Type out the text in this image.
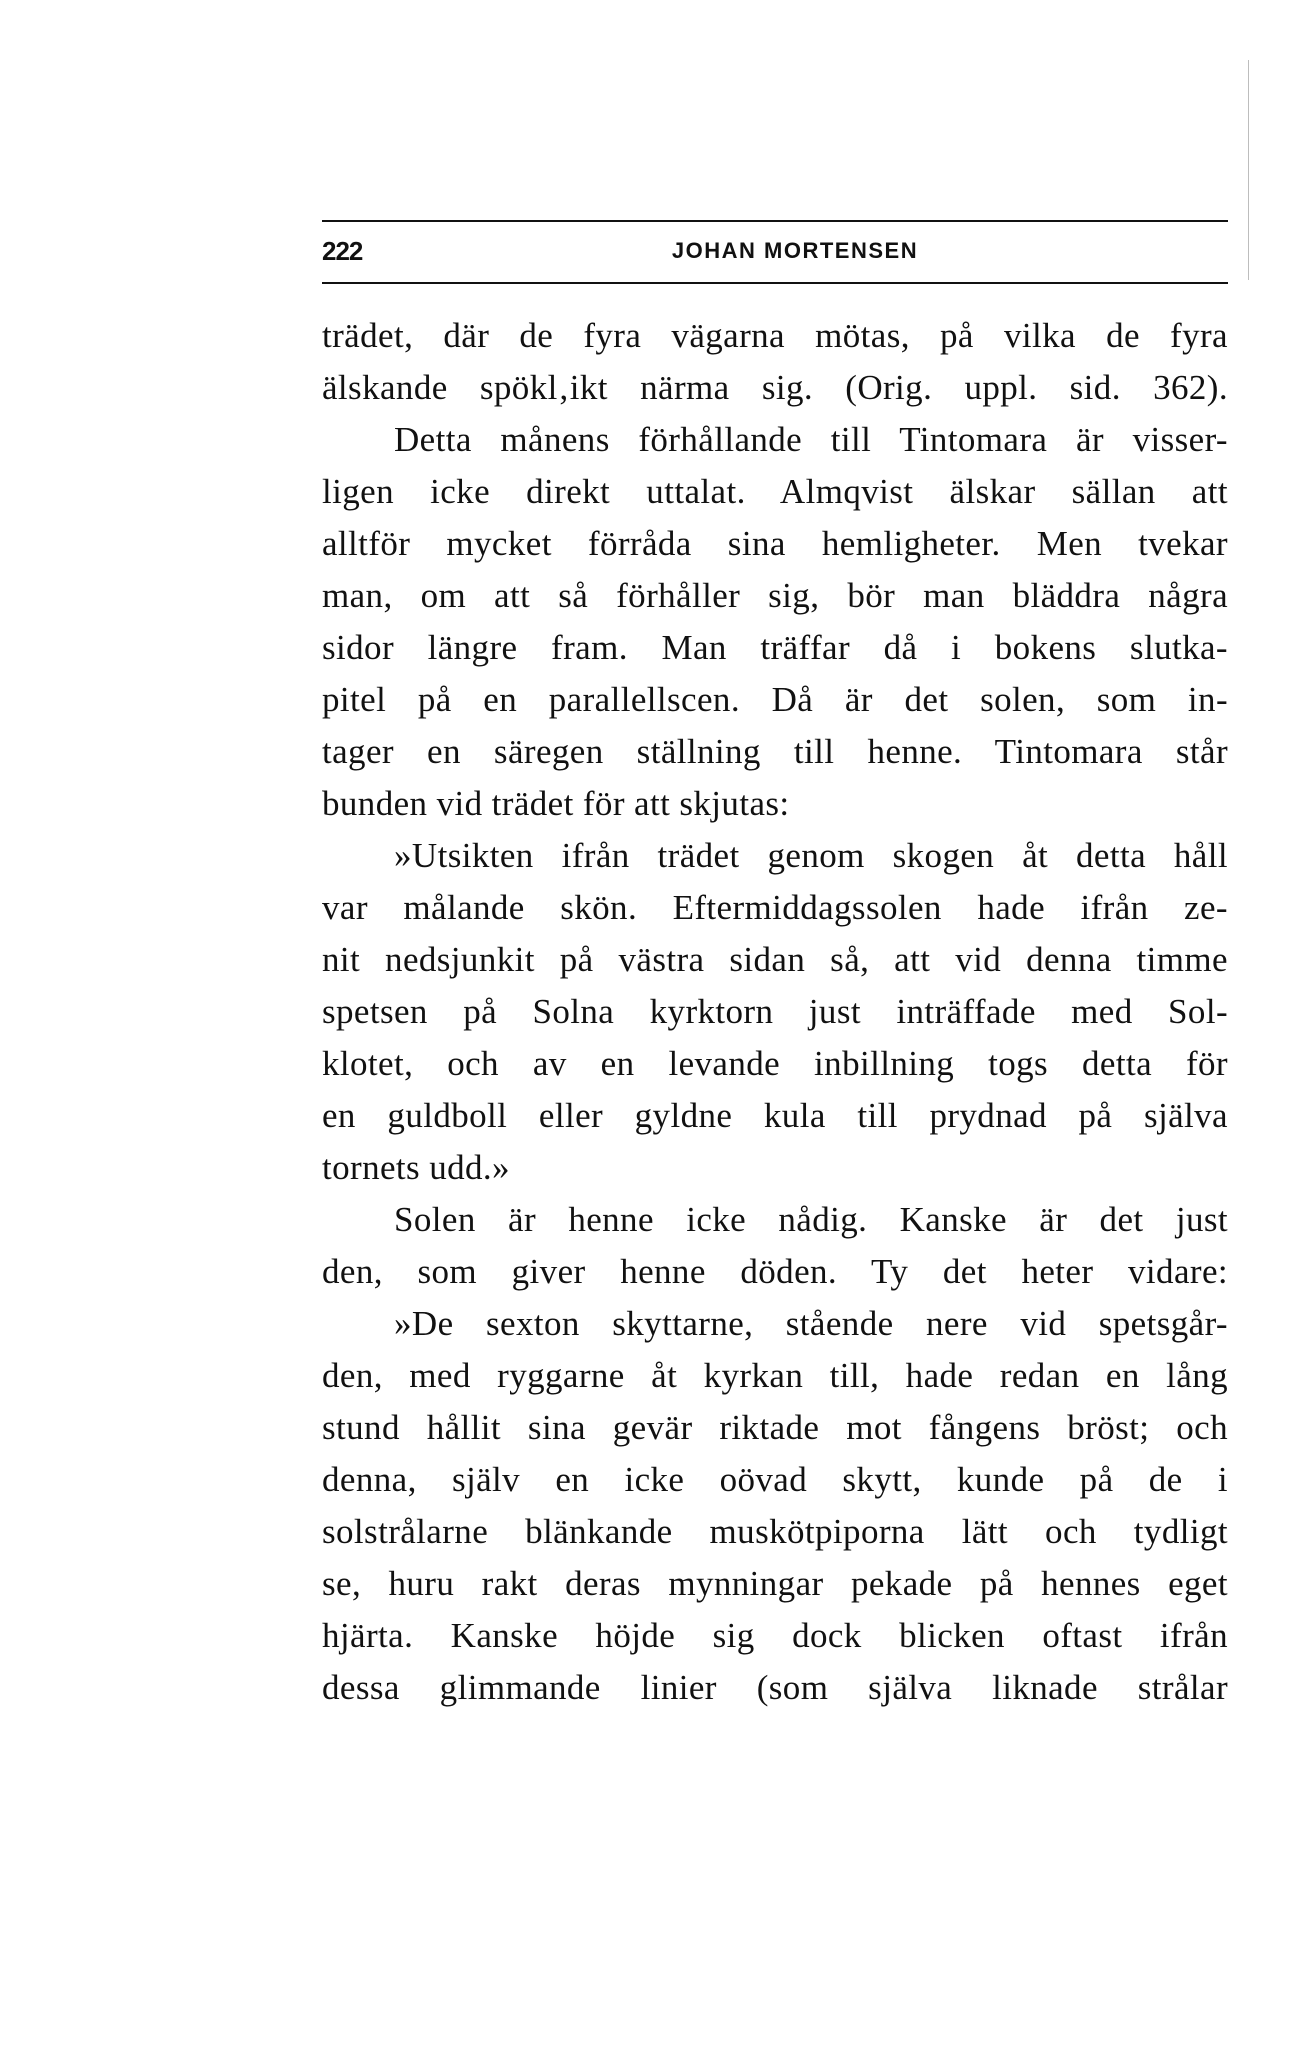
222	JOHAN MORTENSEN
trädet, där de fyra vägarna mötas, på vilka de fyra
älskande spökl‚ikt närma sig. (Orig. uppl. sid. 362).
Detta månens förhållande till Tintomara är visser-
ligen icke direkt uttalat. Almqvist älskar sällan att
alltför mycket förråda sina hemligheter. Men tvekar
man, om att så förhåller sig, bör man bläddra några
sidor längre fram. Man träffar då i bokens slutka-
pitel på en parallellscen. Då är det solen, som in-
tager en säregen ställning till henne. Tintomara står
bunden vid trädet för att skjutas:
»Utsikten ifrån trädet genom skogen åt detta håll
var målande skön. Eftermiddagssolen hade ifrån ze-
nit nedsjunkit på västra sidan så, att vid denna timme
spetsen på Solna kyrktorn just inträffade med Sol-
klotet, och av en levande inbillning togs detta för
en guldboll eller gyldne kula till prydnad på själva
tornets udd.»
Solen är henne icke nådig. Kanske är det just
den, som giver henne döden. Ty det heter vidare:
»De sexton skyttarne, stående nere vid spetsgår-
den, med ryggarne åt kyrkan till, hade redan en lång
stund hållit sina gevär riktade mot fångens bröst; och
denna, själv en icke oövad skytt, kunde på de i
solstrålarne blänkande muskötpiporna lätt och tydligt
se, huru rakt deras mynningar pekade på hennes eget
hjärta. Kanske höjde sig dock blicken oftast ifrån
dessa glimmande linier (som själva liknade strålar
